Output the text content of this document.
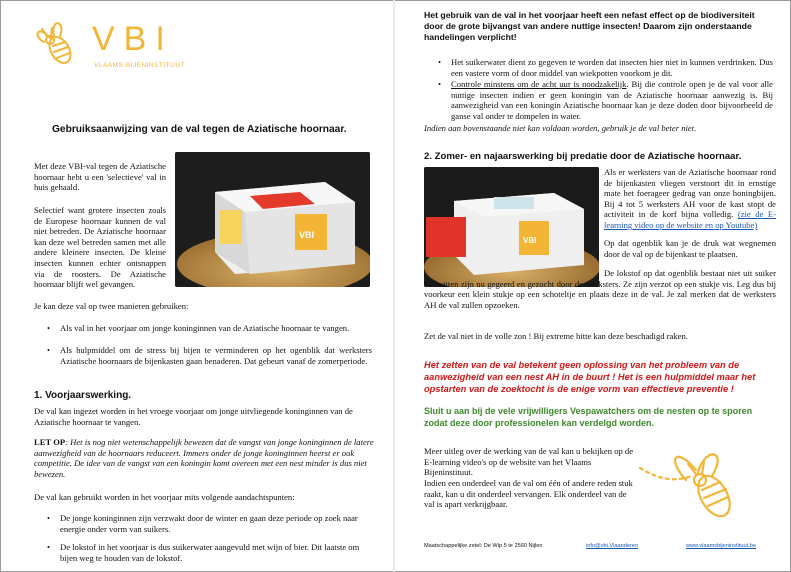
VBI
VLAAMS BIJENINSTITUUT
Gebruiksaanwijzing van de val tegen de Aziatische hoornaar.
Met deze VBI-val tegen de Aziatische hoornaar hebt u een 'selectieve' val in huis gehaald.
Selectief want grotere insecten zoals de Europese hoornaar kunnen de val niet betreden. De Aziatische hoornaar kan deze wel betreden samen met alle andere kleinere insecten. De kleine insecten kunnen echter ontsnappen via de roosters. De Aziatische hoornaar blijft wel gevangen.
VBI
Je kan deze val op twee manieren gebruiken:
• Als val in het voorjaar om jonge koninginnen van de Aziatische hoornaar te vangen.
• Als hulpmiddel om de stress bij bijen te verminderen op het ogenblik dat werksters Aziatische hoornaars de bijenkasten gaan benaderen. Dat gebeurt vanaf de zomerperiode.
1. Voorjaarswerking.
De val kan ingezet worden in het vroege voorjaar om jonge uitvliegende koninginnen van de Aziatische hoornaar te vangen.
LET OP: Het is nog niet wetenschappelijk bewezen dat de vangst van jonge koninginnen de latere aanwezigheid van de hoornaars reduceert. Immers onder de jonge koninginnen heerst er ook competitie. De idee van de vangst van een koningin komt overeen met een nest minder is dus niet bewezen.
De val kan gebruikt worden in het voorjaar mits volgende aandachtspunten:
• De jonge koninginnen zijn verzwakt door de winter en gaan deze periode op zoek naar energie onder vorm van suikers.
• De lokstof in het voorjaar is dus suikerwater aangevuld met wijn of bier. Dit laatste om bijen weg te houden van de lokstof.
Het gebruik van de val in het voorjaar heeft een nefast effect op de biodiversiteit door de grote bijvangst van andere nuttige insecten! Daarom zijn onderstaande handelingen verplicht!
• Het suikerwater dient zo gegeven te worden dat insecten hier niet in kunnen verdrinken. Dus een vastere vorm of door middel van wiekpotten voorkom je dit.
• Controle minstens om de acht uur is noodzakelijk. Bij die controle open je de val voor alle nuttige insecten indien er geen koningin van de Aziatische hoornaar aanwezig is. Bij aanwezigheid van een koningin Aziatische hoornaar kan je deze doden door bijvoorbeeld de ganse val onder te dompelen in water.
Indien aan bovenstaande niet kan voldaan worden, gebruik je de val beter niet.
2. Zomer- en najaarswerking bij predatie door de Aziatische hoornaar.
VBI
Als er werksters van de Aziatische hoornaar rond de bijenkasten vliegen verstoort dit in ernstige mate het foerageer gedrag van onze honingbijen. Bij 4 tot 5 werksters AH voor de kast stopt de activiteit in de korf bijna volledig. (zie de E-learning video op de website en op Youtube)
Op dat ogenblik kan je de druk wat wegnemen door de val op de bijenkast te plaatsen.
De lokstof op dat ogenblik bestaat niet uit suiker ! Eiwitten zijn nu gegeerd en gezocht door de werksters. Ze zijn verzot op een stukje vis. Leg dus bij voorkeur een klein stukje op een schoteltje en plaats deze in de val. Je zal merken dat de werksters AH de val zullen opzoeken.
Zet de val niet in de volle zon ! Bij extreme hitte kan deze beschadigd raken.
Het zetten van de val betekent geen oplossing van het probleem van de aanwezigheid van een nest AH in de buurt ! Het is een hulpmiddel maar het opstarten van de zoektocht is de enige vorm van effectieve preventie !
Sluit u aan bij de vele vrijwilligers Vespawatchers om de nesten op te sporen zodat deze door professionelen kan verdelgd worden.
Meer uitleg over de werking van de val kan u bekijken op de E-learning video's op de website van het Vlaams Bijeninstituut.
Indien een onderdeel van de val om één of andere reden stuk raakt, kan u dit onderdeel vervangen. Elk onderdeel van de val is apart verkrijgbaar.
Maatschappelijke zetel: De Wip 5 te 2560 Nijlen	info@vbi.Vlaanderen	www.vlaamsbijeninstituut.be
